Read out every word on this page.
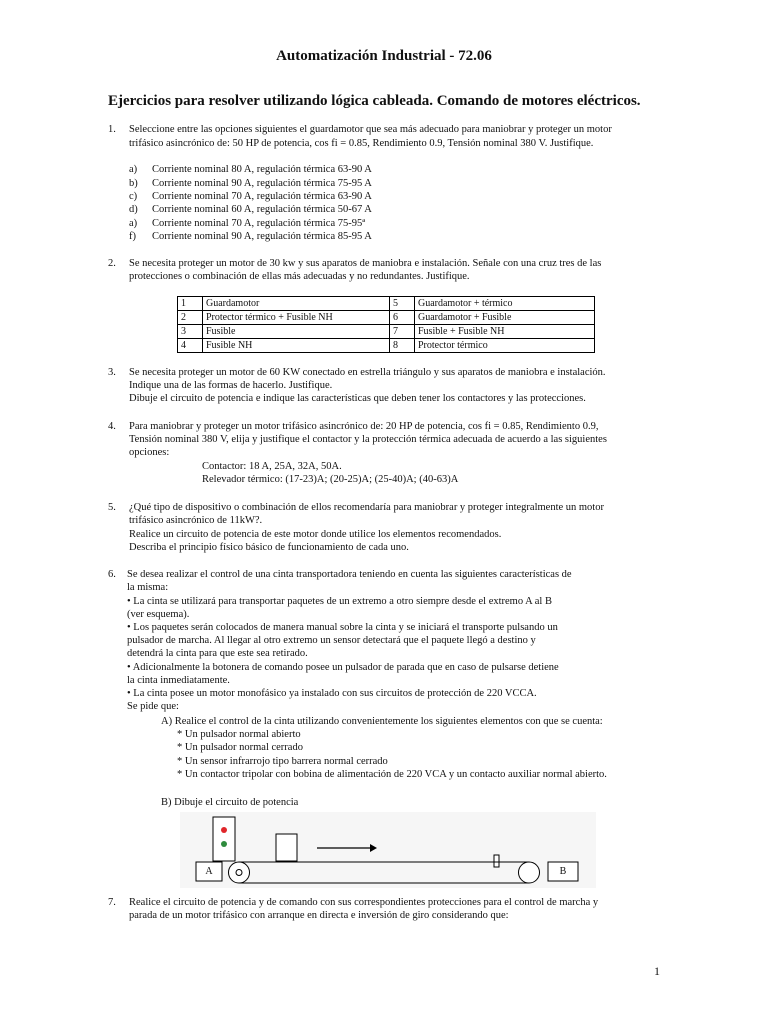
Automatización Industrial - 72.06
Ejercicios para resolver utilizando lógica cableada. Comando de motores eléctricos.
1. Seleccione entre las opciones siguientes el guardamotor que sea más adecuado para maniobrar y proteger un motor
trifásico asincrónico de: 50 HP de potencia, cos fi = 0.85, Rendimiento 0.9, Tensión nominal 380 V. Justifique.
a) Corriente nominal 80 A, regulación térmica 63-90 A
b) Corriente nominal 90 A, regulación térmica 75-95 A
c) Corriente nominal 70 A, regulación térmica 63-90 A
d) Corriente nominal 60 A, regulación térmica 50-67 A
a) Corriente nominal 70 A, regulación térmica 75-95ª
f) Corriente nominal 90 A, regulación térmica 85-95 A
2. Se necesita proteger un motor de 30 kw y sus aparatos de maniobra e instalación. Señale con una cruz tres de las
protecciones o combinación de ellas más adecuadas y no redundantes. Justifique.
1	Guardamotor	5	Guardamotor + térmico
2	Protector térmico + Fusible NH	6	Guardamotor + Fusible
3	Fusible	7	Fusible + Fusible NH
4	Fusible NH	8	Protector térmico
3. Se necesita proteger un motor de 60 KW conectado en estrella triángulo y sus aparatos de maniobra e instalación.
Indique una de las formas de hacerlo. Justifique.
Dibuje el circuito de potencia e indique las características que deben tener los contactores y las protecciones.
4. Para maniobrar y proteger un motor trifásico asincrónico de: 20 HP de potencia, cos fi = 0.85, Rendimiento 0.9,
Tensión nominal 380 V, elija y justifique el contactor y la protección térmica adecuada de acuerdo a las siguientes
opciones:
Contactor: 18 A, 25A, 32A, 50A.
Relevador térmico: (17-23)A; (20-25)A; (25-40)A; (40-63)A
5. ¿Qué tipo de dispositivo o combinación de ellos recomendaría para maniobrar y proteger integralmente un motor
trifásico asincrónico de 11kW?.
Realice un circuito de potencia de este motor donde utilice los elementos recomendados.
Describa el principio físico básico de funcionamiento de cada uno.
6. Se desea realizar el control de una cinta transportadora teniendo en cuenta las siguientes características de
la misma:
• La cinta se utilizará para transportar paquetes de un extremo a otro siempre desde el extremo A al B
(ver esquema).
• Los paquetes serán colocados de manera manual sobre la cinta y se iniciará el transporte pulsando un
pulsador de marcha. Al llegar al otro extremo un sensor detectará que el paquete llegó a destino y
detendrá la cinta para que este sea retirado.
• Adicionalmente la botonera de comando posee un pulsador de parada que en caso de pulsarse detiene
la cinta inmediatamente.
• La cinta posee un motor monofásico ya instalado con sus circuitos de protección de 220 VCCA.
Se pide que:
A) Realice el control de la cinta utilizando convenientemente los siguientes elementos con que se cuenta:
* Un pulsador normal abierto
* Un pulsador normal cerrado
* Un sensor infrarrojo tipo barrera normal cerrado
* Un contactor tripolar con bobina de alimentación de 220 VCA y un contacto auxiliar normal abierto.
B) Dibuje el circuito de potencia
A	B
7. Realice el circuito de potencia y de comando con sus correspondientes protecciones para el control de marcha y
parada de un motor trifásico con arranque en directa e inversión de giro considerando que:
1
